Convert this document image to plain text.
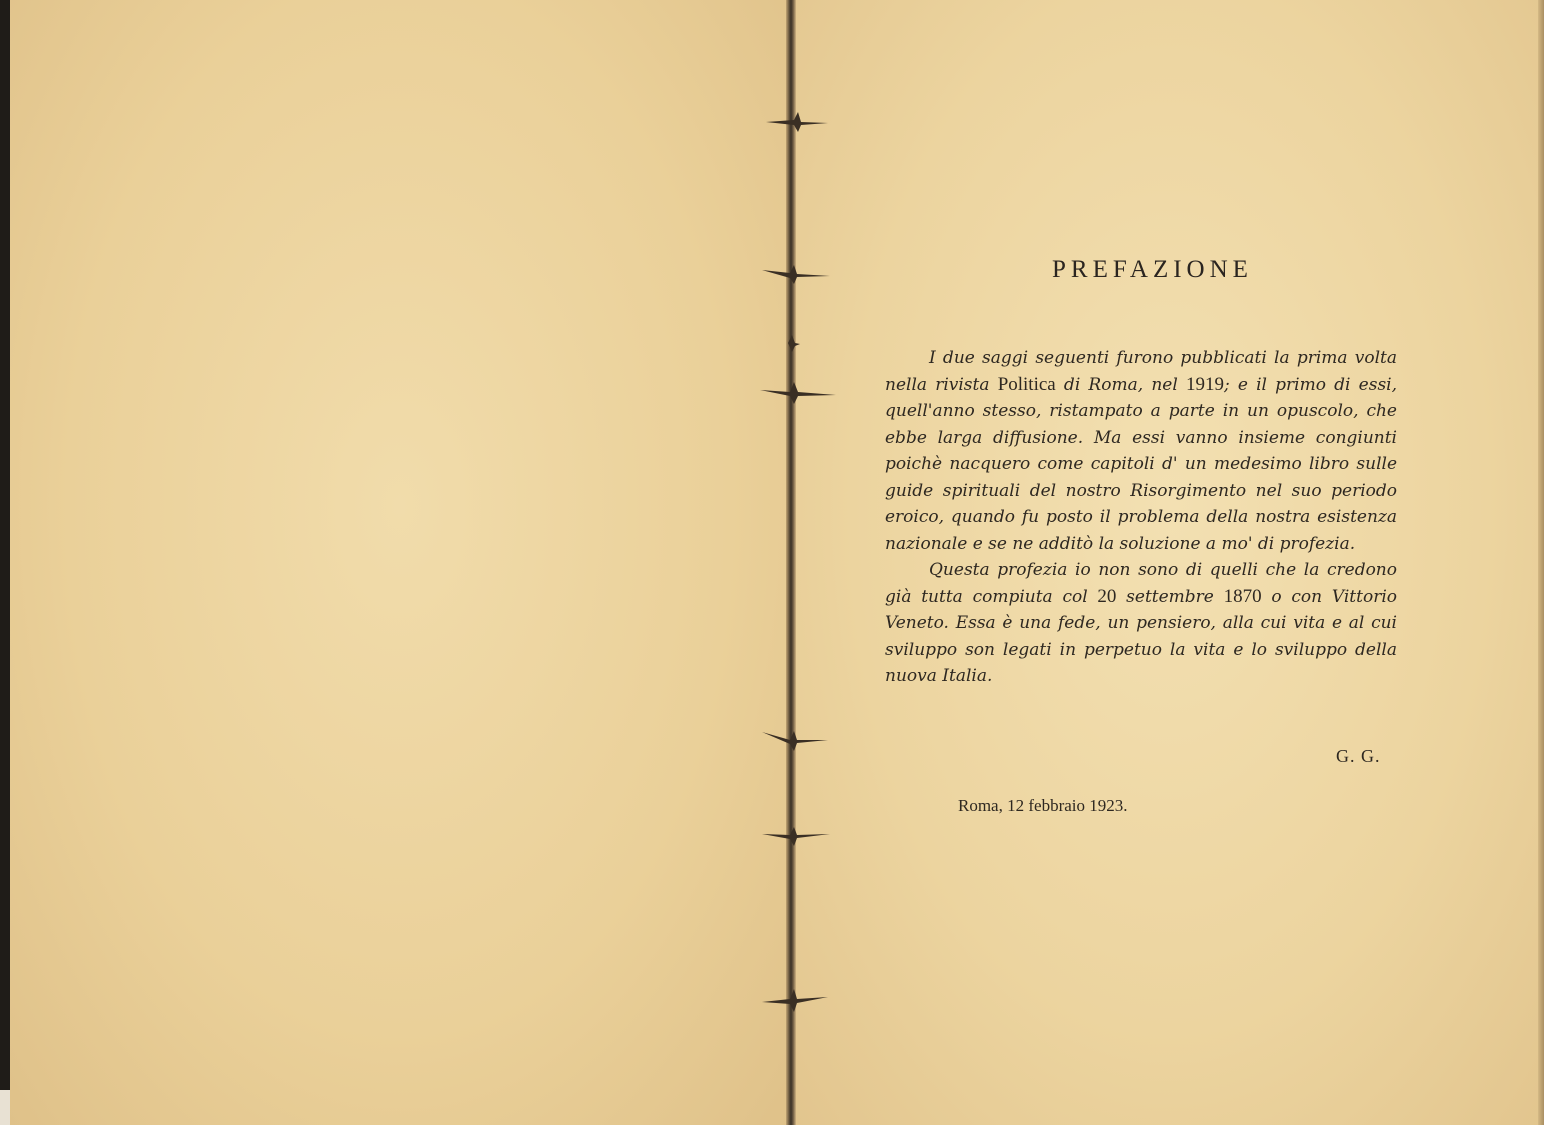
PREFAZIONE

I due saggi seguenti furono pubblicati la prima volta nella rivista Politica di Roma, nel 1919; e il primo di essi, quell'anno stesso, ristampato a parte in un opuscolo, che ebbe larga diffusione. Ma essi vanno insieme congiunti poichè nacquero come capitoli d' un medesimo libro sulle guide spirituali del nostro Risorgimento nel suo periodo eroico, quando fu posto il problema della nostra esistenza nazionale e se ne additò la soluzione a mo' di profezia.

Questa profezia io non sono di quelli che la credono già tutta compiuta col 20 settembre 1870 o con Vittorio Veneto. Essa è una fede, un pensiero, alla cui vita e al cui sviluppo son legati in perpetuo la vita e lo sviluppo della nuova Italia.

G. G.
Roma, 12 febbraio 1923.
